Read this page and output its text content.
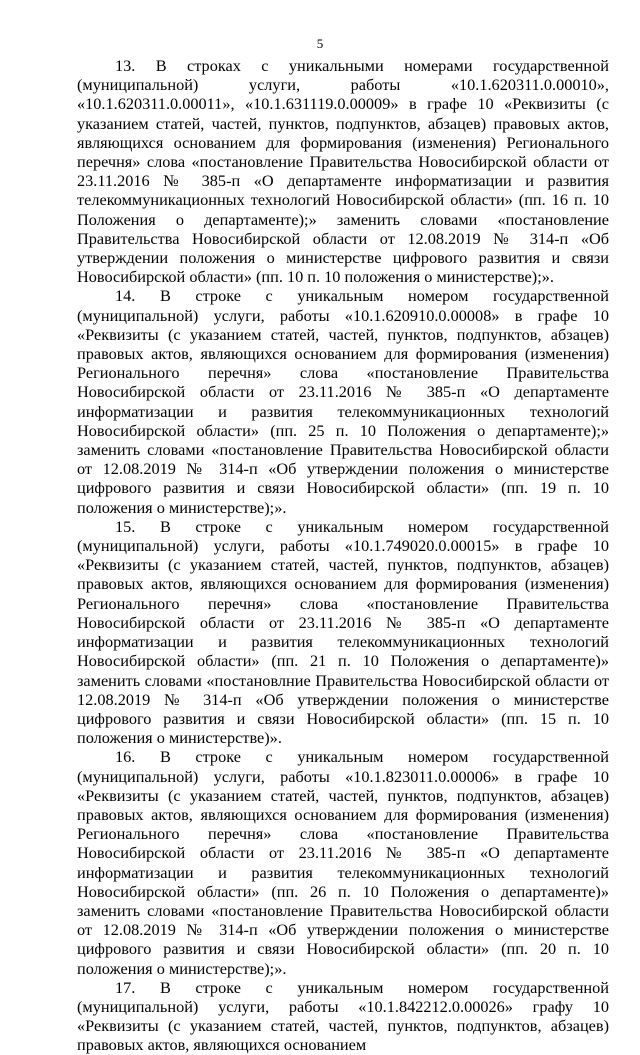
5

13. В строках с уникальными номерами государственной (муниципальной) услуги, работы «10.1.620311.0.00010», «10.1.620311.0.00011», «10.1.631119.0.00009» в графе 10 «Реквизиты (с указанием статей, частей, пунктов, подпунктов, абзацев) правовых актов, являющихся основанием для формирования (изменения) Регионального перечня» слова «постановление Правительства Новосибирской области от 23.11.2016 № 385-п «О департаменте информатизации и развития телекоммуникационных технологий Новосибирской области» (пп. 16 п. 10 Положения о департаменте);» заменить словами «постановление Правительства Новосибирской области от 12.08.2019 № 314-п «Об утверждении положения о министерстве цифрового развития и связи Новосибирской области» (пп. 10 п. 10 положения о министерстве);».

14. В строке с уникальным номером государственной (муниципальной) услуги, работы «10.1.620910.0.00008» в графе 10 «Реквизиты (с указанием статей, частей, пунктов, подпунктов, абзацев) правовых актов, являющихся основанием для формирования (изменения) Регионального перечня» слова «постановление Правительства Новосибирской области от 23.11.2016 № 385-п «О департаменте информатизации и развития телекоммуникационных технологий Новосибирской области» (пп. 25 п. 10 Положения о департаменте);» заменить словами «постановление Правительства Новосибирской области от 12.08.2019 № 314-п «Об утверждении положения о министерстве цифрового развития и связи Новосибирской области» (пп. 19 п. 10 положения о министерстве);».

15. В строке с уникальным номером государственной (муниципальной) услуги, работы «10.1.749020.0.00015» в графе 10 «Реквизиты (с указанием статей, частей, пунктов, подпунктов, абзацев) правовых актов, являющихся основанием для формирования (изменения) Регионального перечня» слова «постановление Правительства Новосибирской области от 23.11.2016 № 385-п «О департаменте информатизации и развития телекоммуникационных технологий Новосибирской области» (пп. 21 п. 10 Положения о департаменте)» заменить словами «постановлние Правительства Новосибирской области от 12.08.2019 № 314-п «Об утверждении положения о министерстве цифрового развития и связи Новосибирской области» (пп. 15 п. 10 положения о министерстве)».

16. В строке с уникальным номером государственной (муниципальной) услуги, работы «10.1.823011.0.00006» в графе 10 «Реквизиты (с указанием статей, частей, пунктов, подпунктов, абзацев) правовых актов, являющихся основанием для формирования (изменения) Регионального перечня» слова «постановление Правительства Новосибирской области от 23.11.2016 № 385-п «О департаменте информатизации и развития телекоммуникационных технологий Новосибирской области» (пп. 26 п. 10 Положения о департаменте)» заменить словами «постановление Правительства Новосибирской области от 12.08.2019 № 314-п «Об утверждении положения о министерстве цифрового развития и связи Новосибирской области» (пп. 20 п. 10 положения о министерстве);».

17. В строке с уникальным номером государственной (муниципальной) услуги, работы «10.1.842212.0.00026» графу 10 «Реквизиты (с указанием статей, частей, пунктов, подпунктов, абзацев) правовых актов, являющихся основанием
